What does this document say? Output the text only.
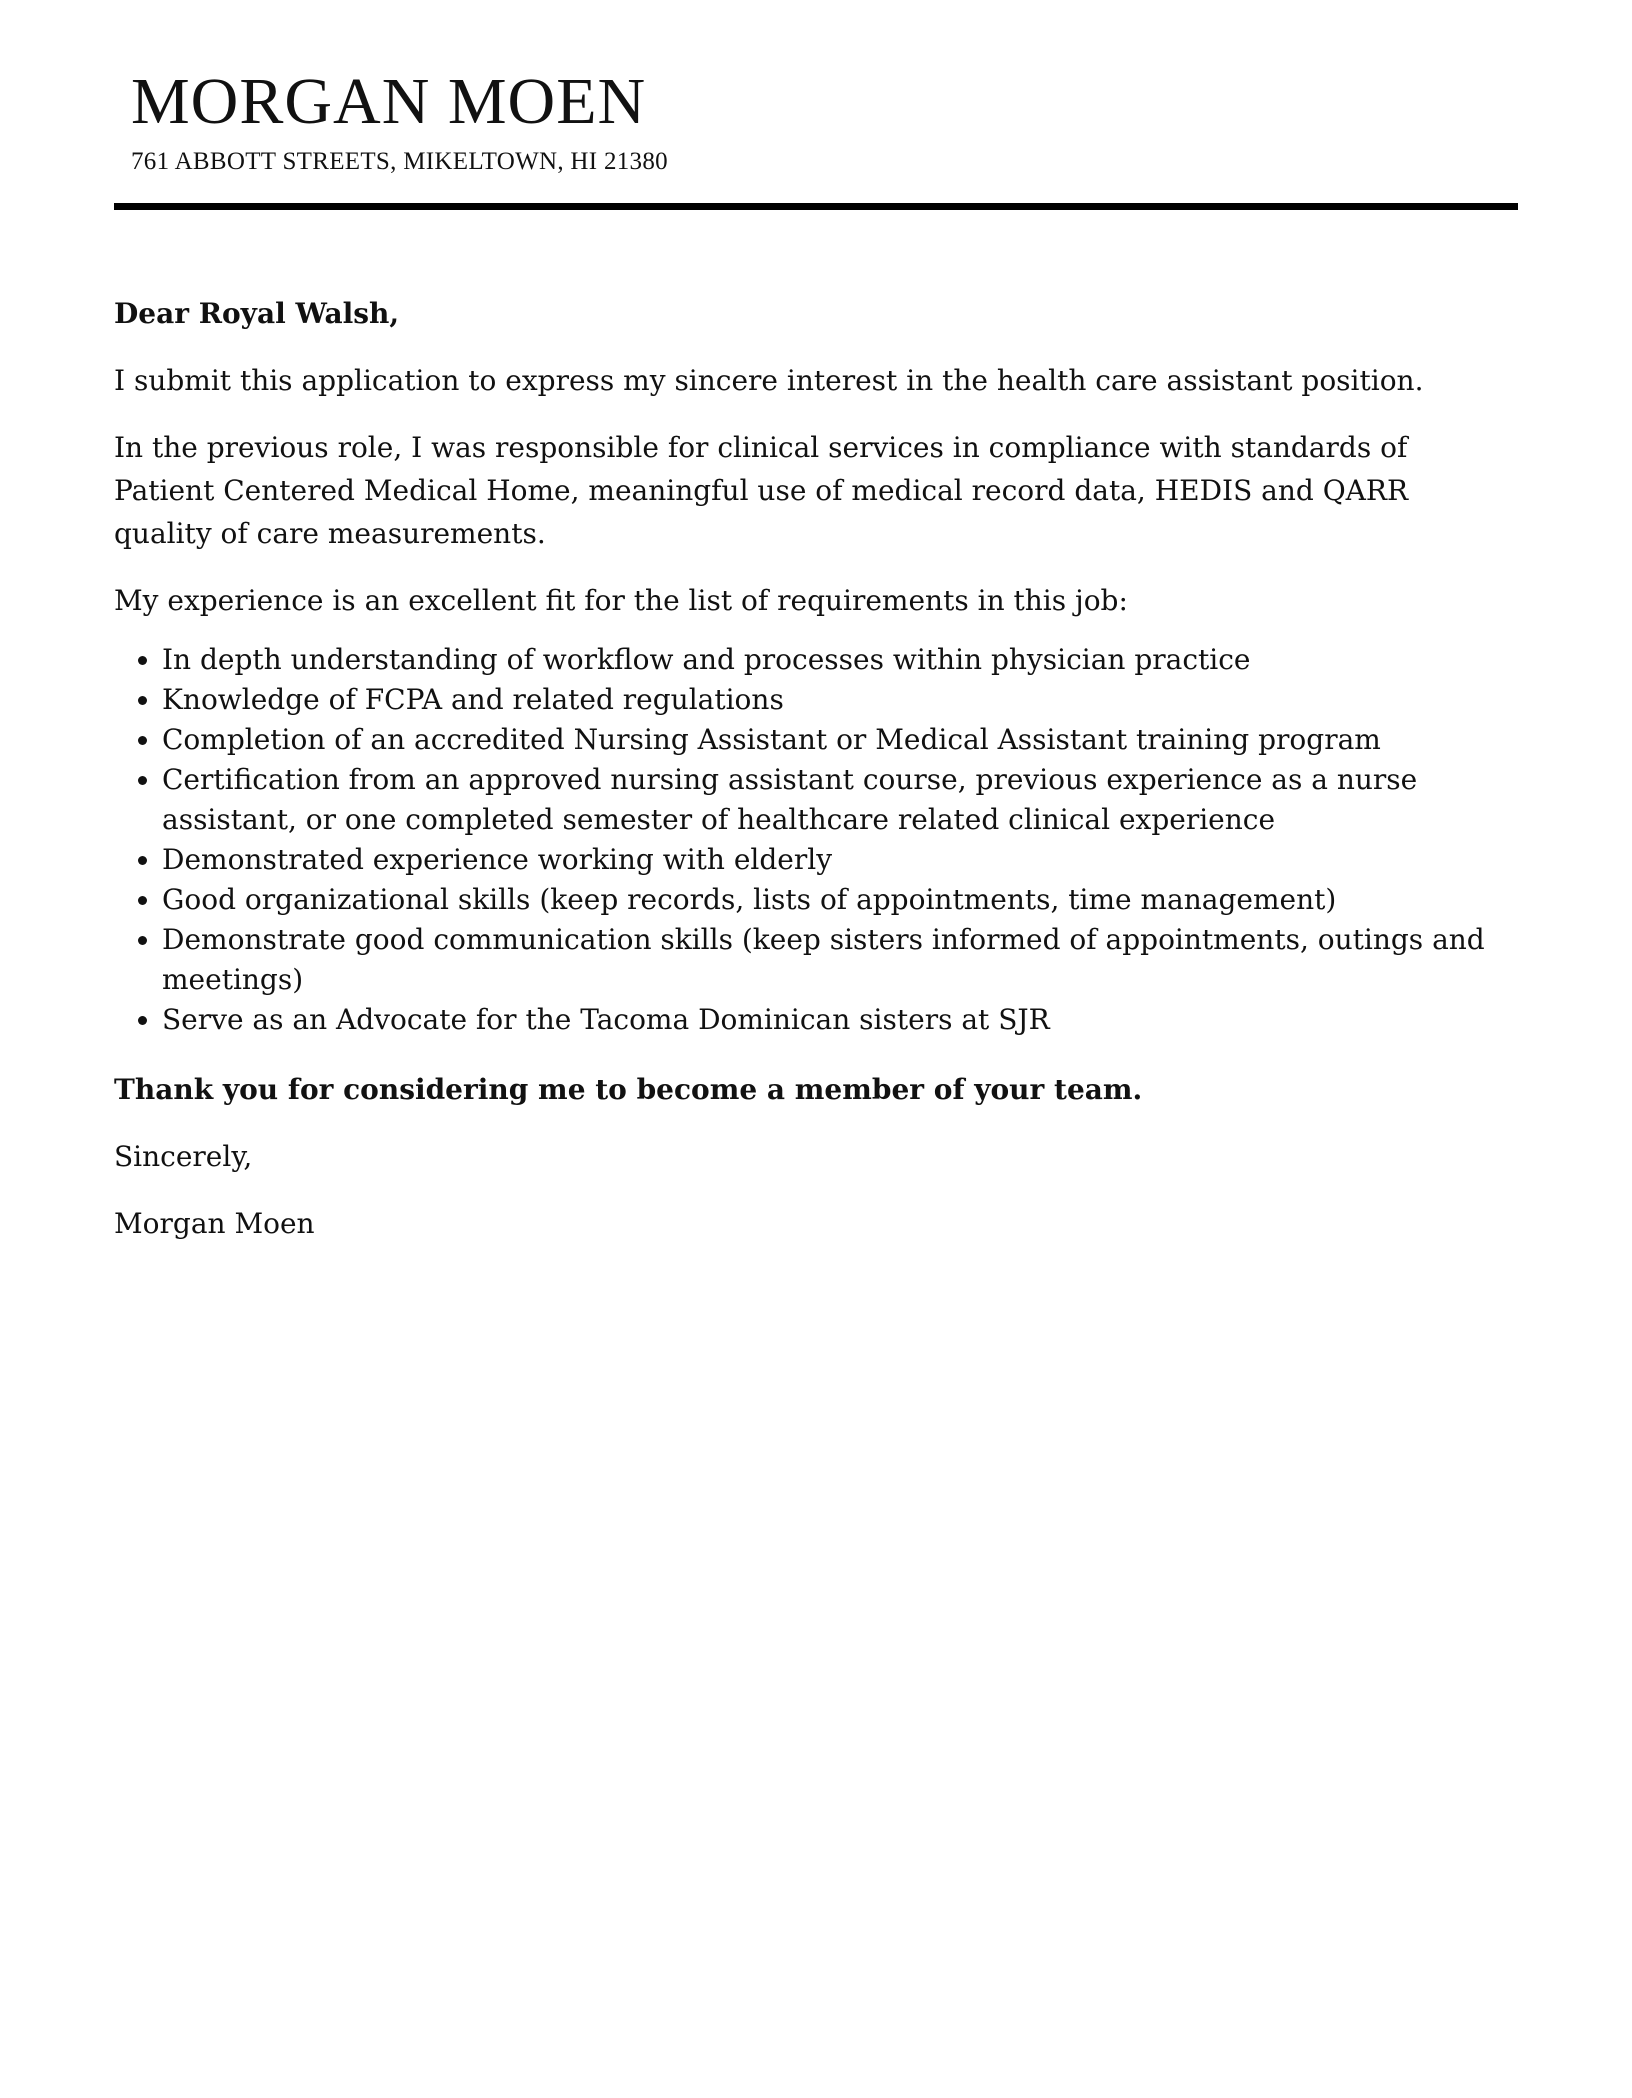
MORGAN MOEN
761 ABBOTT STREETS, MIKELTOWN, HI 21380

Dear Royal Walsh,

I submit this application to express my sincere interest in the health care assistant position.

In the previous role, I was responsible for clinical services in compliance with standards of Patient Centered Medical Home, meaningful use of medical record data, HEDIS and QARR quality of care measurements.

My experience is an excellent fit for the list of requirements in this job:

• In depth understanding of workflow and processes within physician practice
• Knowledge of FCPA and related regulations
• Completion of an accredited Nursing Assistant or Medical Assistant training program
• Certification from an approved nursing assistant course, previous experience as a nurse assistant, or one completed semester of healthcare related clinical experience
• Demonstrated experience working with elderly
• Good organizational skills (keep records, lists of appointments, time management)
• Demonstrate good communication skills (keep sisters informed of appointments, outings and meetings)
• Serve as an Advocate for the Tacoma Dominican sisters at SJR

Thank you for considering me to become a member of your team.

Sincerely,

Morgan Moen
